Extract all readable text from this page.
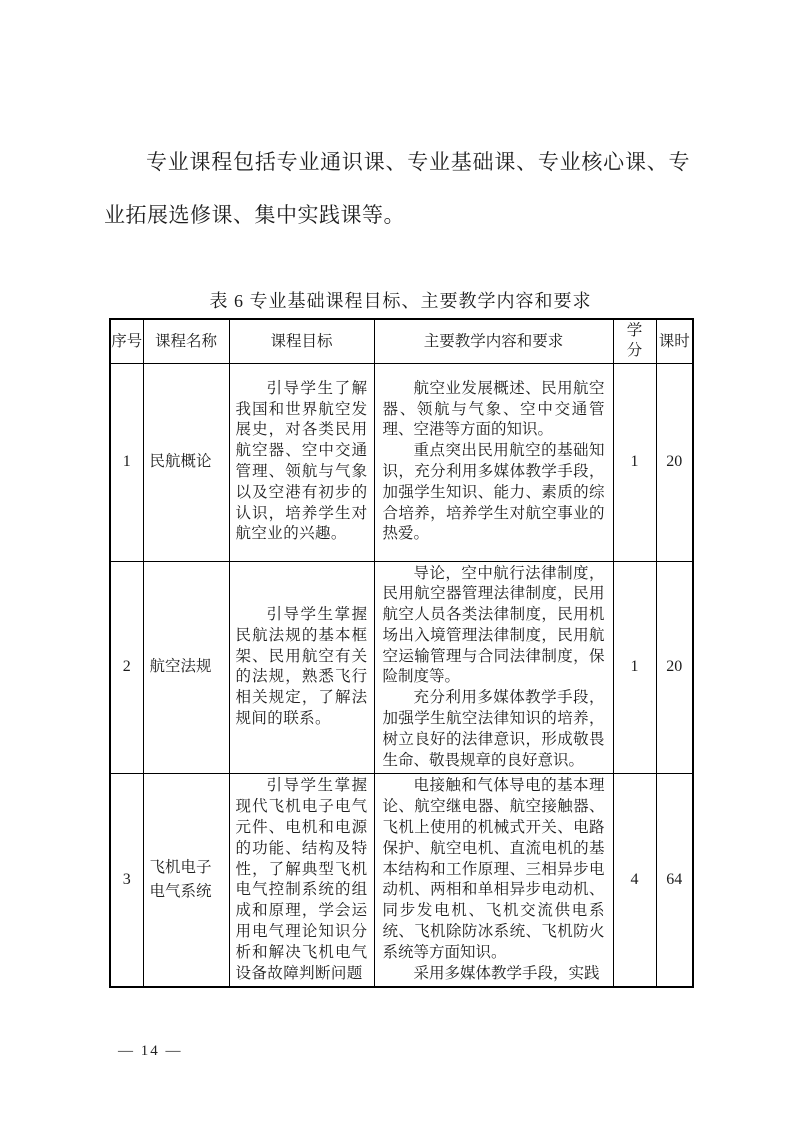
专业课程包括专业通识课、专业基础课、专业核心课、专业拓展选修课、集中实践课等。

表 6 专业基础课程目标、主要教学内容和要求
序号	课程名称	课程目标	主要教学内容和要求	学分	课时
1	民航概论	引导学生了解我国和世界航空发展史，对各类民用航空器、空中交通管理、领航与气象以及空港有初步的认识，培养学生对航空业的兴趣。	航空业发展概述、民用航空器、领航与气象、空中交通管理、空港等方面的知识。

重点突出民用航空的基础知识，充分利用多媒体教学手段，加强学生知识、能力、素质的综合培养，培养学生对航空事业的热爱。	1	20
2	航空法规	引导学生掌握民航法规的基本框架、民用航空有关的法规，熟悉飞行相关规定，了解法规间的联系。	导论，空中航行法律制度，民用航空器管理法律制度，民用航空人员各类法律制度，民用机场出入境管理法律制度，民用航空运输管理与合同法律制度，保险制度等。

充分利用多媒体教学手段，加强学生航空法律知识的培养，树立良好的法律意识，形成敬畏生命、敬畏规章的良好意识。	1	20
3	飞机电子电气系统	引导学生掌握现代飞机电子电气元件、电机和电源的功能、结构及特性，了解典型飞机电气控制系统的组成和原理，学会运用电气理论知识分析和解决飞机电气设备故障判断问题	电接触和气体导电的基本理论、航空继电器、航空接触器、飞机上使用的机械式开关、电路保护、航空电机、直流电机的基本结构和工作原理、三相异步电动机、两相和单相异步电动机、同步发电机、飞机交流供电系统、飞机除防冰系统、飞机防火系统等方面知识。

采用多媒体教学手段，实践	4	64
— 14 —
